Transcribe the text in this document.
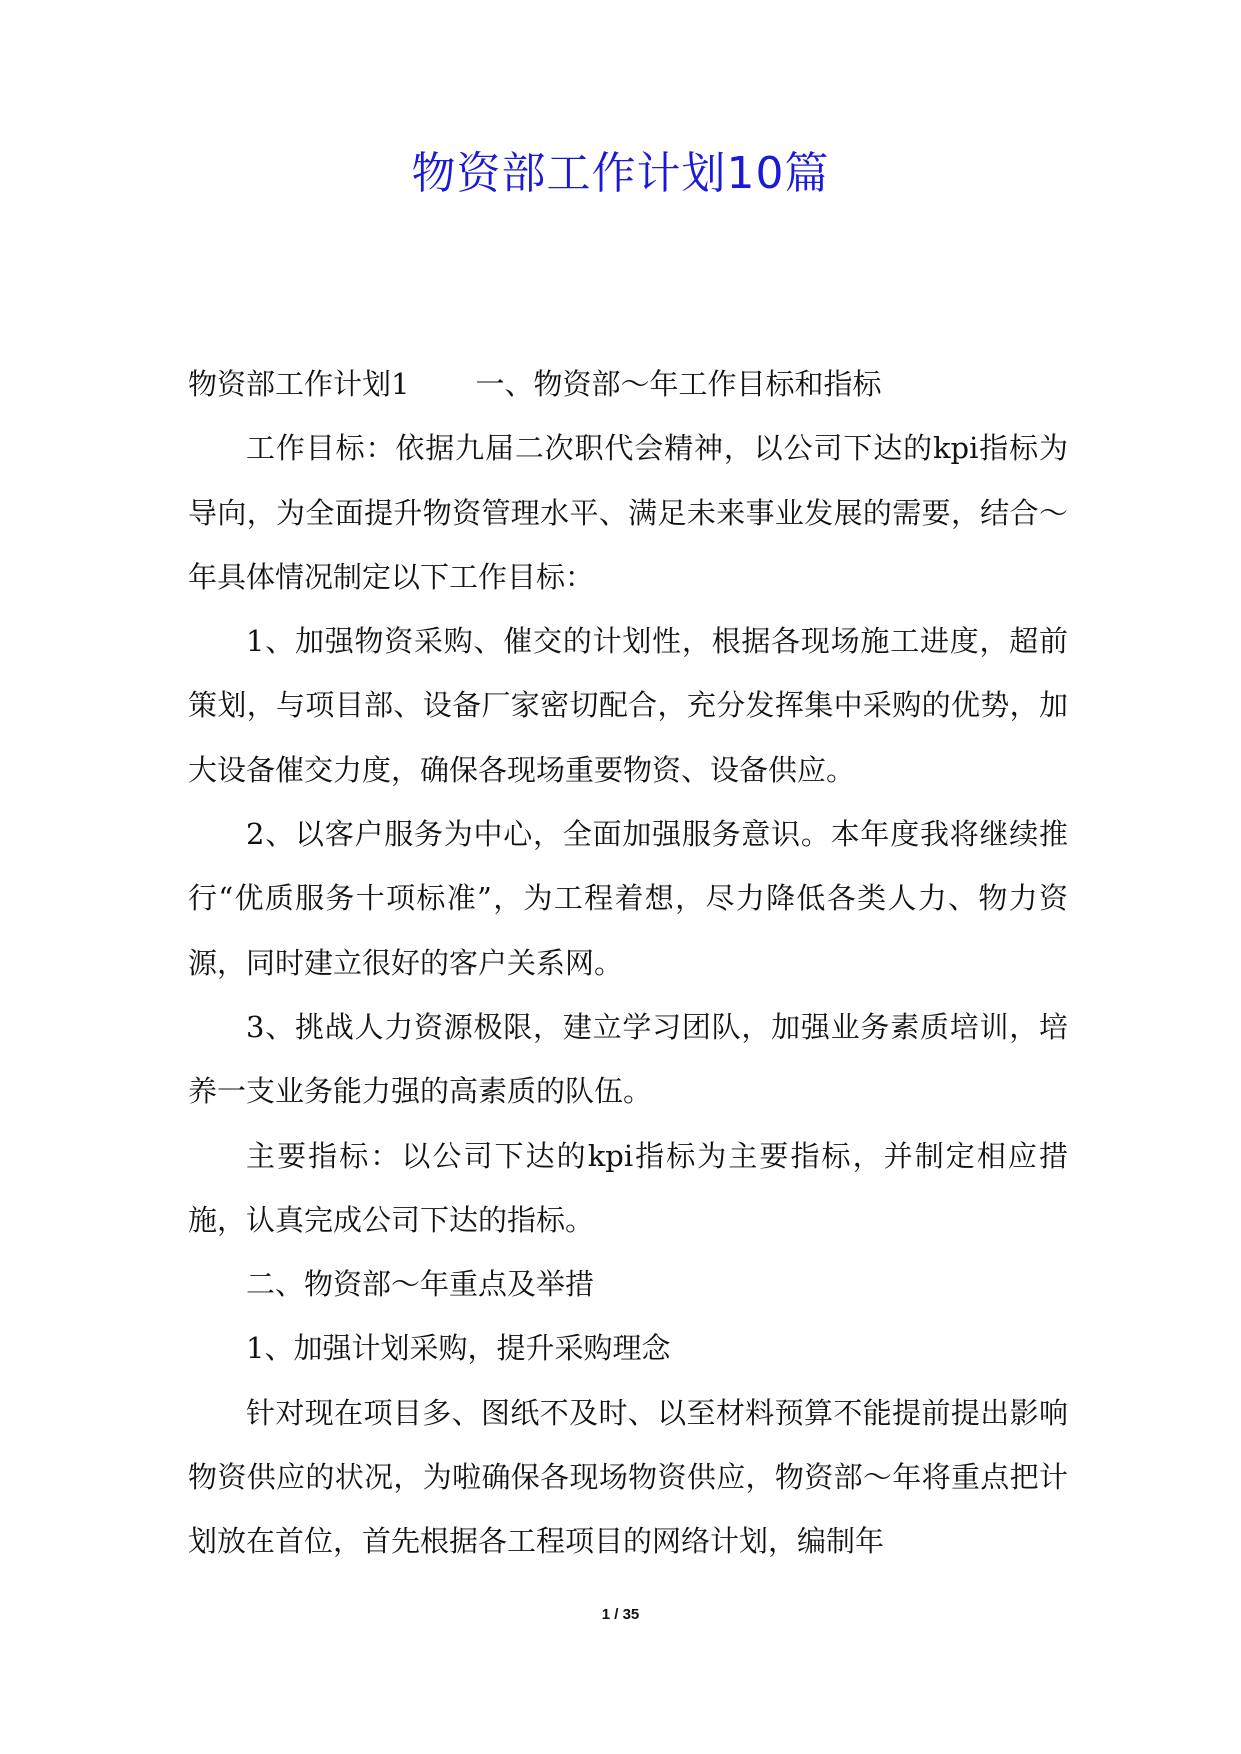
物资部工作计划10篇

物资部工作计划1 一、物资部～年工作目标和指标

工作目标：依据九届二次职代会精神，以公司下达的kpi指标为导向，为全面提升物资管理水平、满足未来事业发展的需要，结合～年具体情况制定以下工作目标：

1、加强物资采购、催交的计划性，根据各现场施工进度，超前策划，与项目部、设备厂家密切配合，充分发挥集中采购的优势，加大设备催交力度，确保各现场重要物资、设备供应。

2、以客户服务为中心，全面加强服务意识。本年度我将继续推行“优质服务十项标准”，为工程着想，尽力降低各类人力、物力资源，同时建立很好的客户关系网。

3、挑战人力资源极限，建立学习团队，加强业务素质培训，培养一支业务能力强的高素质的队伍。

主要指标：以公司下达的kpi指标为主要指标，并制定相应措施，认真完成公司下达的指标。

二、物资部～年重点及举措

1、加强计划采购，提升采购理念

针对现在项目多、图纸不及时、以至材料预算不能提前提出影响物资供应的状况，为啦确保各现场物资供应，物资部～年将重点把计划放在首位，首先根据各工程项目的网络计划，编制年

1 / 35
